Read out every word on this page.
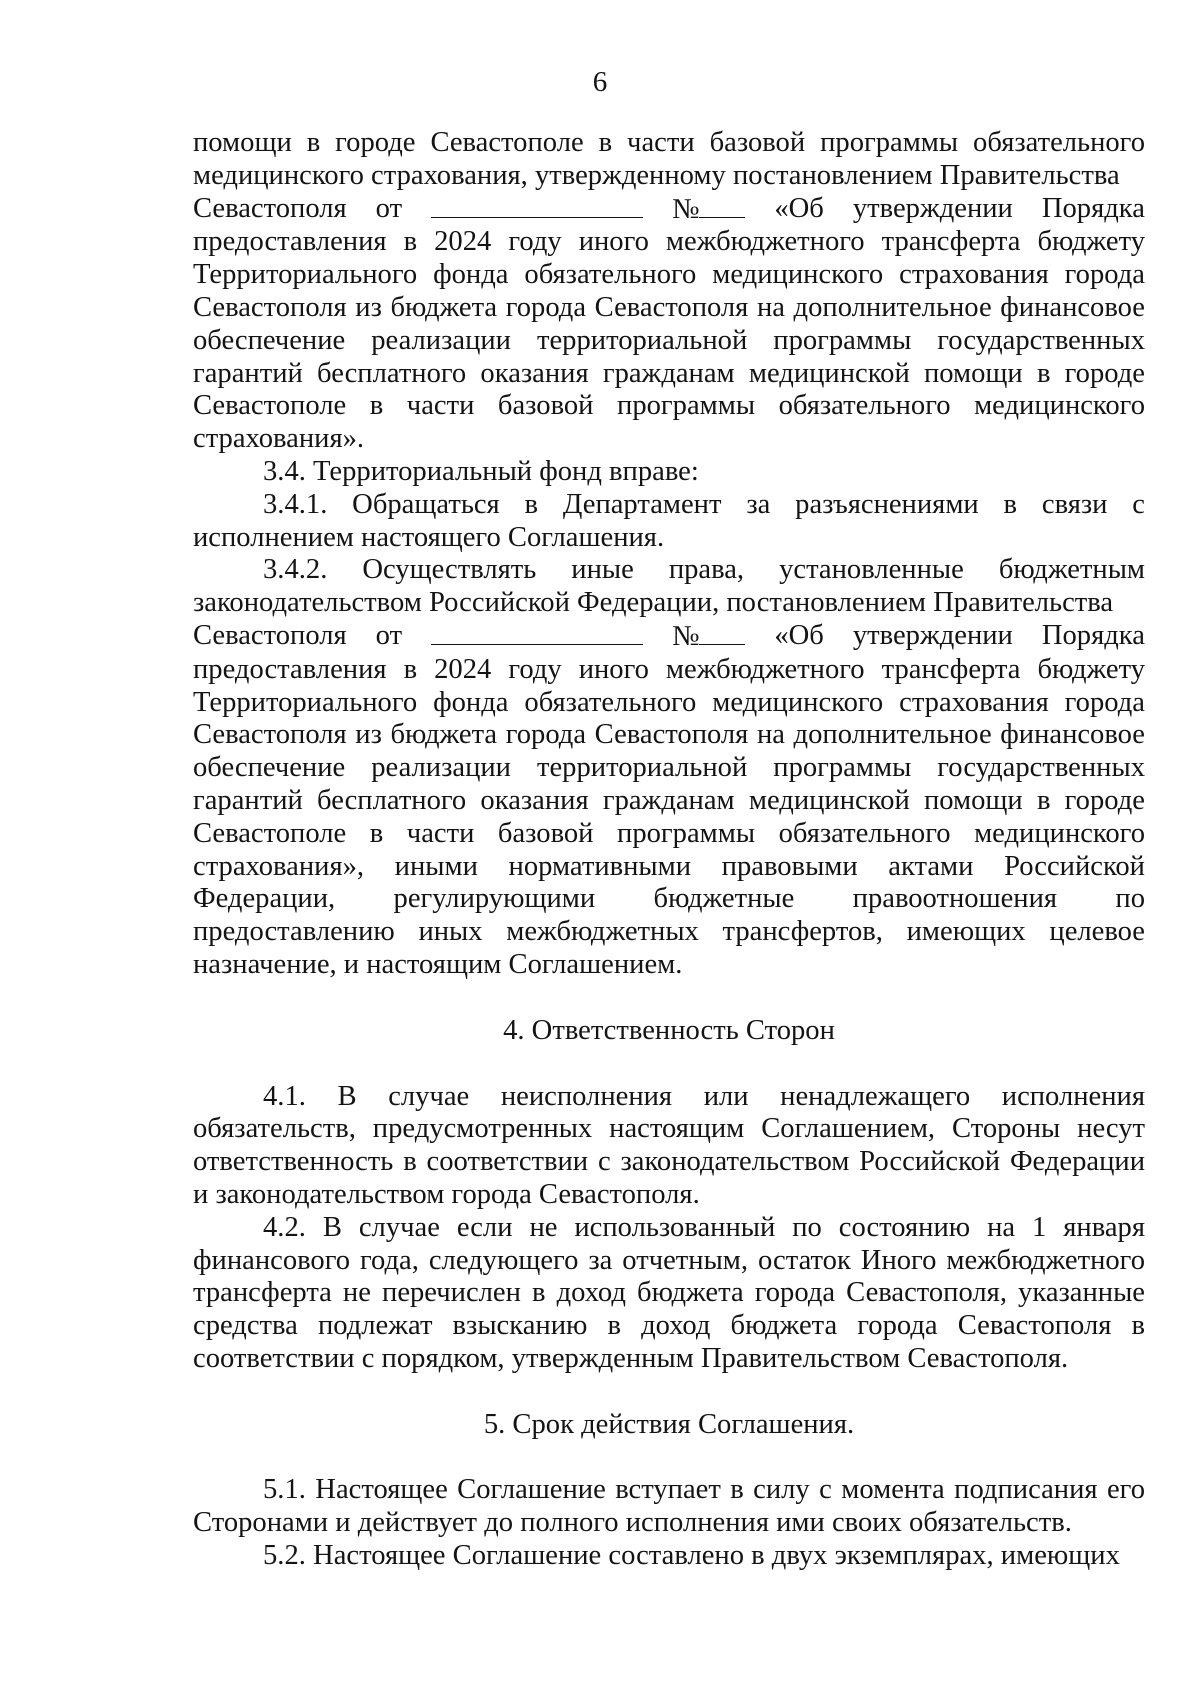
6

помощи в городе Севастополе в части базовой программы обязательного медицинского страхования, утвержденному постановлением Правительства

Севастополя от	№	«Об утверждении Порядка

предоставления в 2024 году иного межбюджетного трансферта бюджету Территориального фонда обязательного медицинского страхования города Севастополя из бюджета города Севастополя на дополнительное финансовое обеспечение реализации территориальной программы государственных гарантий бесплатного оказания гражданам медицинской помощи в городе Севастополе в части базовой программы обязательного медицинского страхования».

3.4. Территориальный фонд вправе:

3.4.1. Обращаться в Департамент за разъяснениями в связи с исполнением настоящего Соглашения.

3.4.2. Осуществлять иные права, установленные бюджетным законодательством Российской Федерации, постановлением Правительства

Севастополя от	№	«Об утверждении Порядка

предоставления в 2024 году иного межбюджетного трансферта бюджету Территориального фонда обязательного медицинского страхования города Севастополя из бюджета города Севастополя на дополнительное финансовое обеспечение реализации территориальной программы государственных гарантий бесплатного оказания гражданам медицинской помощи в городе Севастополе в части базовой программы обязательного медицинского страхования», иными нормативными правовыми актами Российской Федерации, регулирующими бюджетные правоотношения по предоставлению иных межбюджетных трансфертов, имеющих целевое назначение, и настоящим Соглашением.

4. Ответственность Сторон

4.1. В случае неисполнения или ненадлежащего исполнения обязательств, предусмотренных настоящим Соглашением, Стороны несут ответственность в соответствии с законодательством Российской Федерации и законодательством города Севастополя.

4.2. В случае если не использованный по состоянию на 1 января финансового года, следующего за отчетным, остаток Иного межбюджетного трансферта не перечислен в доход бюджета города Севастополя, указанные средства подлежат взысканию в доход бюджета города Севастополя в соответствии с порядком, утвержденным Правительством Севастополя.

5. Срок действия Соглашения.

5.1. Настоящее Соглашение вступает в силу с момента подписания его Сторонами и действует до полного исполнения ими своих обязательств.

5.2. Настоящее Соглашение составлено в двух экземплярах, имеющих
